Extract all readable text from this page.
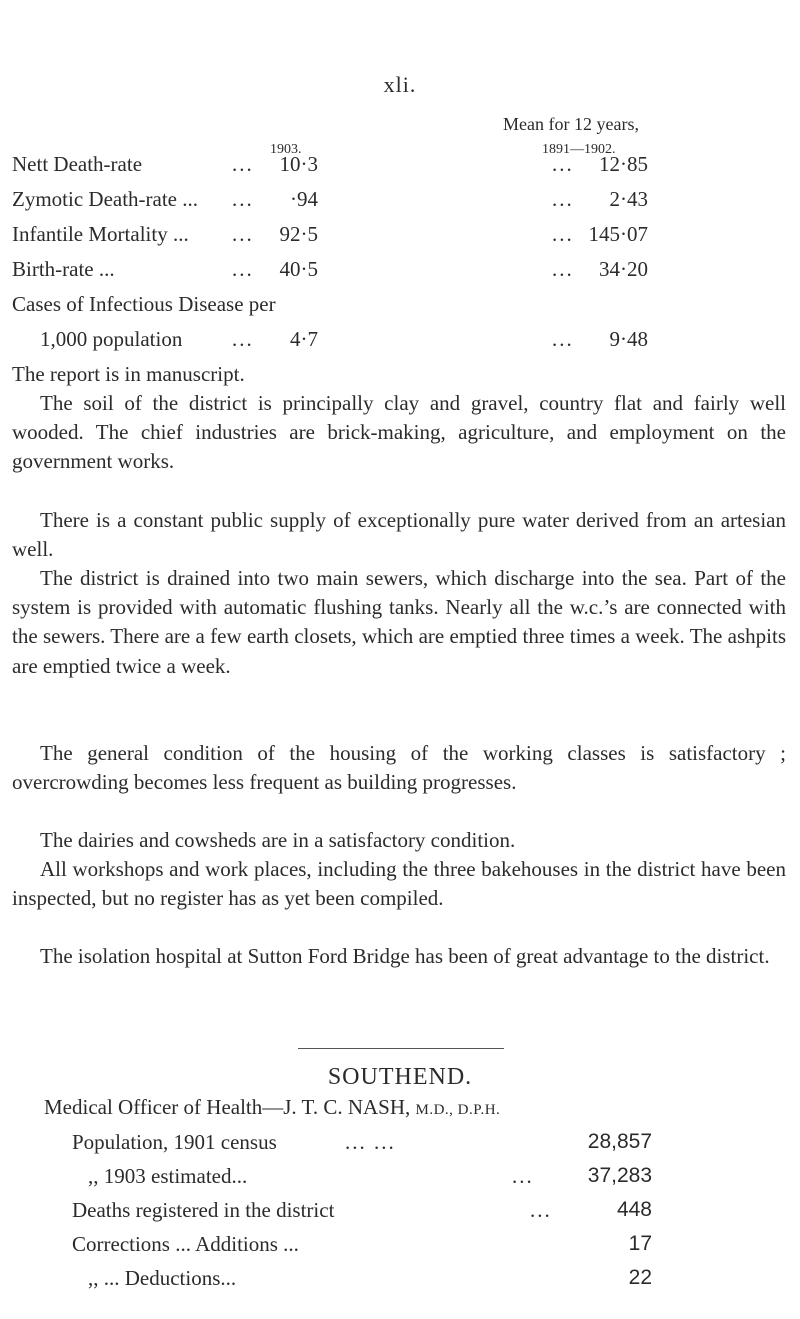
xli.
Mean for 12 years,
1903.	1891—1902.
Nett Death-rate	...	10·3	...	12·85
Zymotic Death-rate ... ...	·94	...	2·43
Infantile Mortality ... ...	92·5	... 145·07
Birth-rate ...	...	40·5	...	34·20
Cases of Infectious Disease per
1,000 population ...	4·7	...	9·48

The report is in manuscript.

The soil of the district is principally clay and gravel, country flat and fairly well wooded. The chief industries are brick-making, agriculture, and employment on the government works.

There is a constant public supply of exceptionally pure water derived from an artesian well.

The district is drained into two main sewers, which discharge into the sea. Part of the system is provided with automatic flushing tanks. Nearly all the w.c.’s are connected with the sewers. There are a few earth closets, which are emptied three times a week. The ashpits are emptied twice a week.

The general condition of the housing of the working classes is satisfactory ; overcrowding becomes less frequent as building progresses.

The dairies and cowsheds are in a satisfactory condition.

All workshops and work places, including the three bakehouses in the district have been inspected, but no register has as yet been compiled.

The isolation hospital at Sutton Ford Bridge has been of great advantage to the district.

SOUTHEND.
Medical Officer of Health—J. T. C. NASH, M.D., D.P.H.
Population, 1901 census	... ...	28,857
,, 1903 estimated...	...	37,283
Deaths registered in the district	...	448
Corrections ... Additions ...	17
,, ... Deductions...	22
